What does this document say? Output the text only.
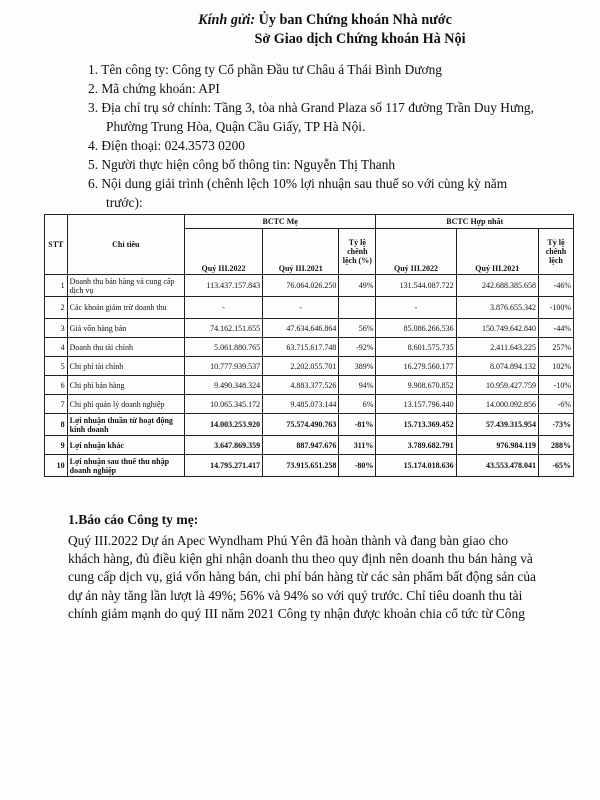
Kính gửi: Ủy ban Chứng khoán Nhà nước
Sở Giao dịch Chứng khoán Hà Nội
1. Tên công ty: Công ty Cổ phần Đầu tư Châu á Thái Bình Dương
2. Mã chứng khoán: API
3. Địa chỉ trụ sở chính: Tầng 3, tòa nhà Grand Plaza số 117 đường Trần Duy Hưng,
Phường Trung Hòa, Quận Cầu Giấy, TP Hà Nội.
4. Điện thoại: 024.3573 0200
5. Người thực hiện công bố thông tin: Nguyễn Thị Thanh
6. Nội dung giải trình (chênh lệch 10% lợi nhuận sau thuế so với cùng kỳ năm
trước):
STT	Chỉ tiêu	BCTC Mẹ			BCTC Hợp nhất		
		Quý III.2022	Quý III.2021	Tỷ lệ chênh lệch (%)	Quý III.2022	Quý III.2021	Tỷ lệ chênh lệch
1	Doanh thu bán hàng và cung cấp dịch vụ	113.437.157.843	76.064.026.250	49%	131.544.087.722	242.688.385.658	-46%
2	Các khoản giảm trừ doanh thu	-	-		-	3.876.655.342	-100%
3	Giá vốn hàng bán	74.162.151.655	47.634.646.864	56%	85.086.266.536	150.749.642.840	-44%
4	Doanh thu tài chính	5.061.880.765	63.715.617.748	-92%	8.601.575.735	2.411.643.225	257%
5	Chi phí tài chính	10.777.939.537	2.202.055.701	389%	16.279.560.177	8.074.894.132	102%
6	Chi phí bán hàng	9.490.348.324	4.883.377.526	94%	9.908.670.852	10.959.427.759	-10%
7	Chi phí quản lý doanh nghiệp	10.065.345.172	9.485.073.144	6%	13.157.796.440	14.000.092.856	-6%
8	Lợi nhuận thuần từ hoạt động kinh doanh	14.003.253.920	75.574.490.763	-81%	15.713.369.452	57.439.315.954	-73%
9	Lợi nhuận khác	3.647.869.359	887.947.676	311%	3.789.682.791	976.984.119	288%
10	Lợi nhuận sau thuế thu nhập doanh nghiệp	14.795.271.417	73.915.651.258	-80%	15.174.018.636	43.553.478.041	-65%
1.Báo cáo Công ty mẹ:
Quý III.2022 Dự án Apec Wyndham Phú Yên đã hoàn thành và đang bàn giao cho
khách hàng, đủ điều kiện ghi nhận doanh thu theo quy định nên doanh thu bán hàng và
cung cấp dịch vụ, giá vốn hàng bán, chi phí bán hàng từ các sản phẩm bất động sản của
dự án này tăng lần lượt là 49%; 56% và 94% so với quý trước. Chỉ tiêu doanh thu tài
chính giảm mạnh do quý III năm 2021 Công ty nhận được khoản chia cổ tức từ Công
